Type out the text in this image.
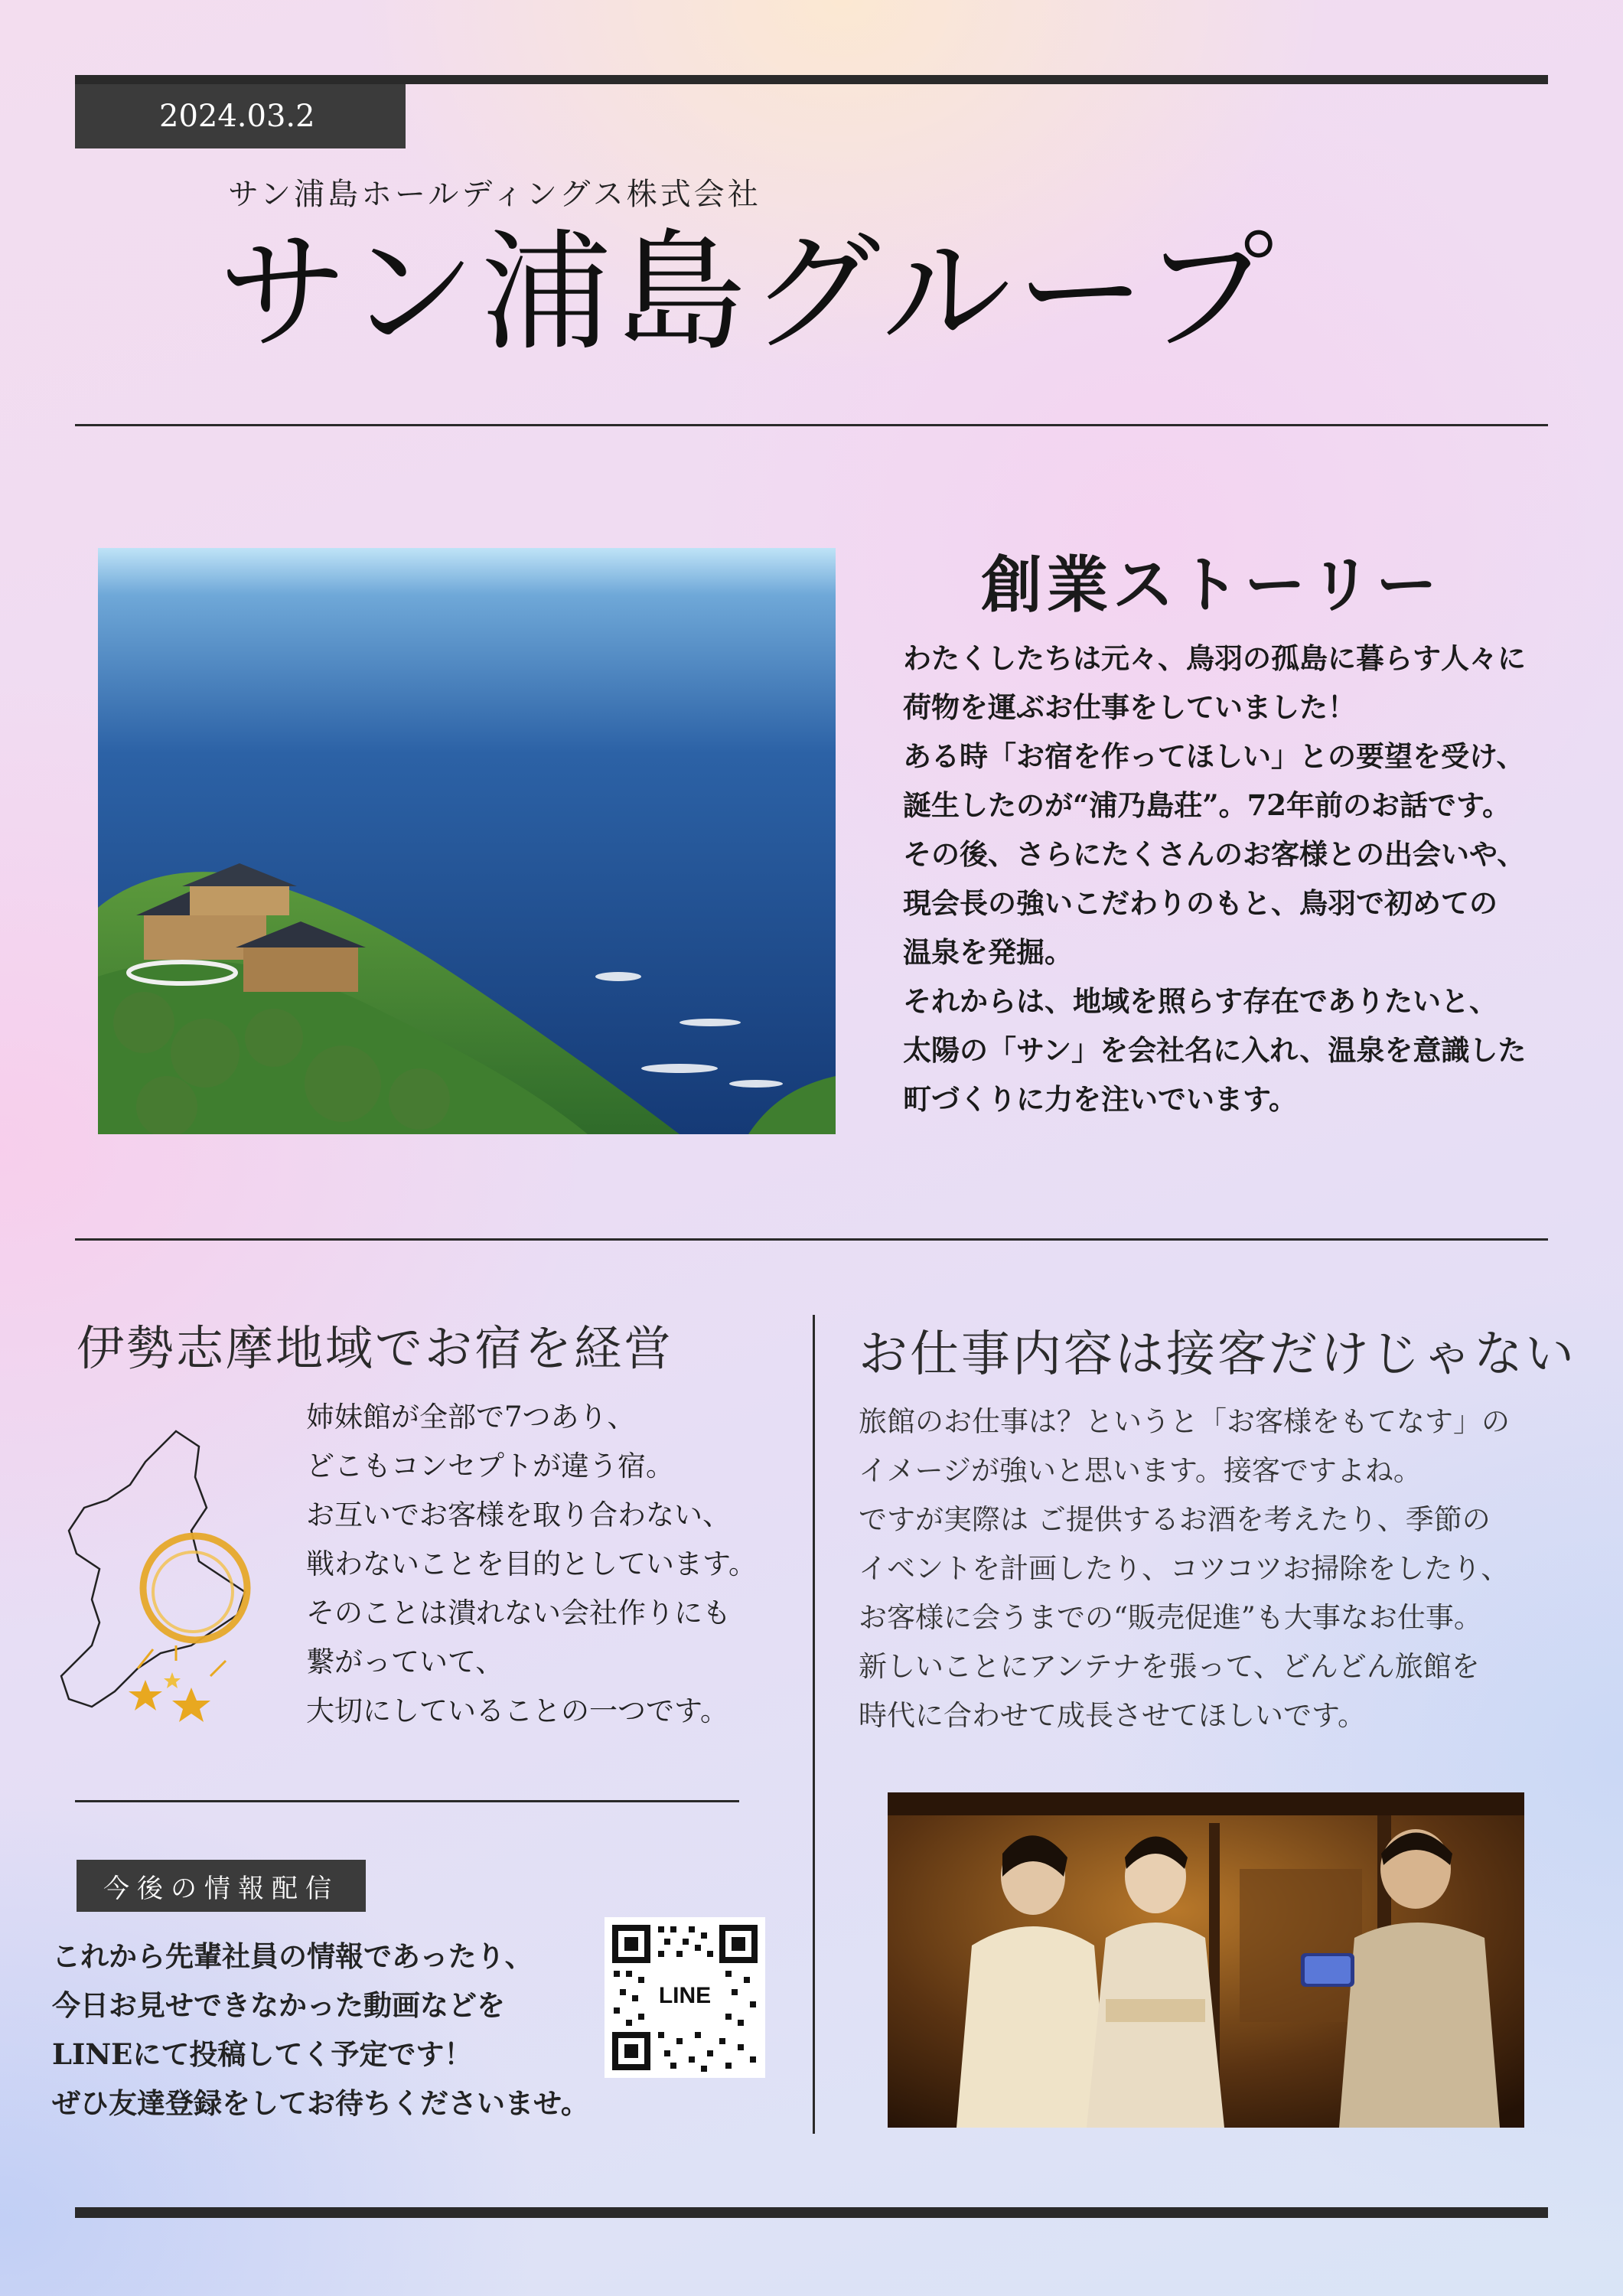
2024.03.2
サン浦島ホールディングス株式会社
サン浦島グループ
創業ストーリー
わたくしたちは元々、鳥羽の孤島に暮らす人々に
荷物を運ぶお仕事をしていました！
ある時「お宿を作ってほしい」との要望を受け、
誕生したのが“浦乃島荘”。72年前のお話です。
その後、さらにたくさんのお客様との出会いや、
現会長の強いこだわりのもと、鳥羽で初めての
温泉を発掘。
それからは、地域を照らす存在でありたいと、
太陽の「サン」を会社名に入れ、温泉を意識した
町づくりに力を注いでいます。
伊勢志摩地域でお宿を経営
姉妹館が全部で7つあり、
どこもコンセプトが違う宿。
お互いでお客様を取り合わない、
戦わないことを目的としています。
そのことは潰れない会社作りにも
繋がっていて、
大切にしていることの一つです。
今後の情報配信
これから先輩社員の情報であったり、
今日お見せできなかった動画などを
LINEにて投稿してく予定です！
ぜひ友達登録をしてお待ちくださいませ。
LINE
お仕事内容は接客だけじゃない
旅館のお仕事は？というと「お客様をもてなす」の
イメージが強いと思います。接客ですよね。
ですが実際は ご提供するお酒を考えたり、季節の
イベントを計画したり、コツコツお掃除をしたり、
お客様に会うまでの“販売促進”も大事なお仕事。
新しいことにアンテナを張って、どんどん旅館を
時代に合わせて成長させてほしいです。
